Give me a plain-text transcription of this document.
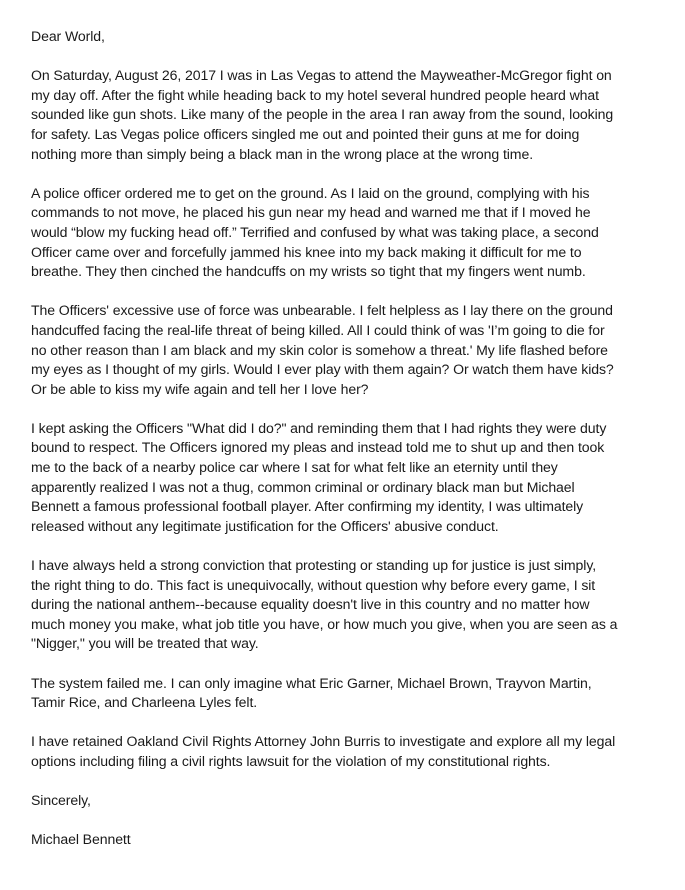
Dear World,

On Saturday, August 26, 2017 I was in Las Vegas to attend the Mayweather-McGregor fight on
my day off. After the fight while heading back to my hotel several hundred people heard what
sounded like gun shots. Like many of the people in the area I ran away from the sound, looking
for safety. Las Vegas police officers singled me out and pointed their guns at me for doing
nothing more than simply being a black man in the wrong place at the wrong time.

A police officer ordered me to get on the ground. As I laid on the ground, complying with his
commands to not move, he placed his gun near my head and warned me that if I moved he
would “blow my fucking head off.” Terrified and confused by what was taking place, a second
Officer came over and forcefully jammed his knee into my back making it difficult for me to
breathe. They then cinched the handcuffs on my wrists so tight that my fingers went numb.

The Officers' excessive use of force was unbearable. I felt helpless as I lay there on the ground
handcuffed facing the real-life threat of being killed. All I could think of was 'I’m going to die for
no other reason than I am black and my skin color is somehow a threat.' My life flashed before
my eyes as I thought of my girls. Would I ever play with them again? Or watch them have kids?
Or be able to kiss my wife again and tell her I love her?

I kept asking the Officers "What did I do?" and reminding them that I had rights they were duty
bound to respect. The Officers ignored my pleas and instead told me to shut up and then took
me to the back of a nearby police car where I sat for what felt like an eternity until they
apparently realized I was not a thug, common criminal or ordinary black man but Michael
Bennett a famous professional football player. After confirming my identity, I was ultimately
released without any legitimate justification for the Officers' abusive conduct.

I have always held a strong conviction that protesting or standing up for justice is just simply,
the right thing to do. This fact is unequivocally, without question why before every game, I sit
during the national anthem--because equality doesn't live in this country and no matter how
much money you make, what job title you have, or how much you give, when you are seen as a
"Nigger," you will be treated that way.

The system failed me. I can only imagine what Eric Garner, Michael Brown, Trayvon Martin,
Tamir Rice, and Charleena Lyles felt.

I have retained Oakland Civil Rights Attorney John Burris to investigate and explore all my legal
options including filing a civil rights lawsuit for the violation of my constitutional rights.

Sincerely,

Michael Bennett
